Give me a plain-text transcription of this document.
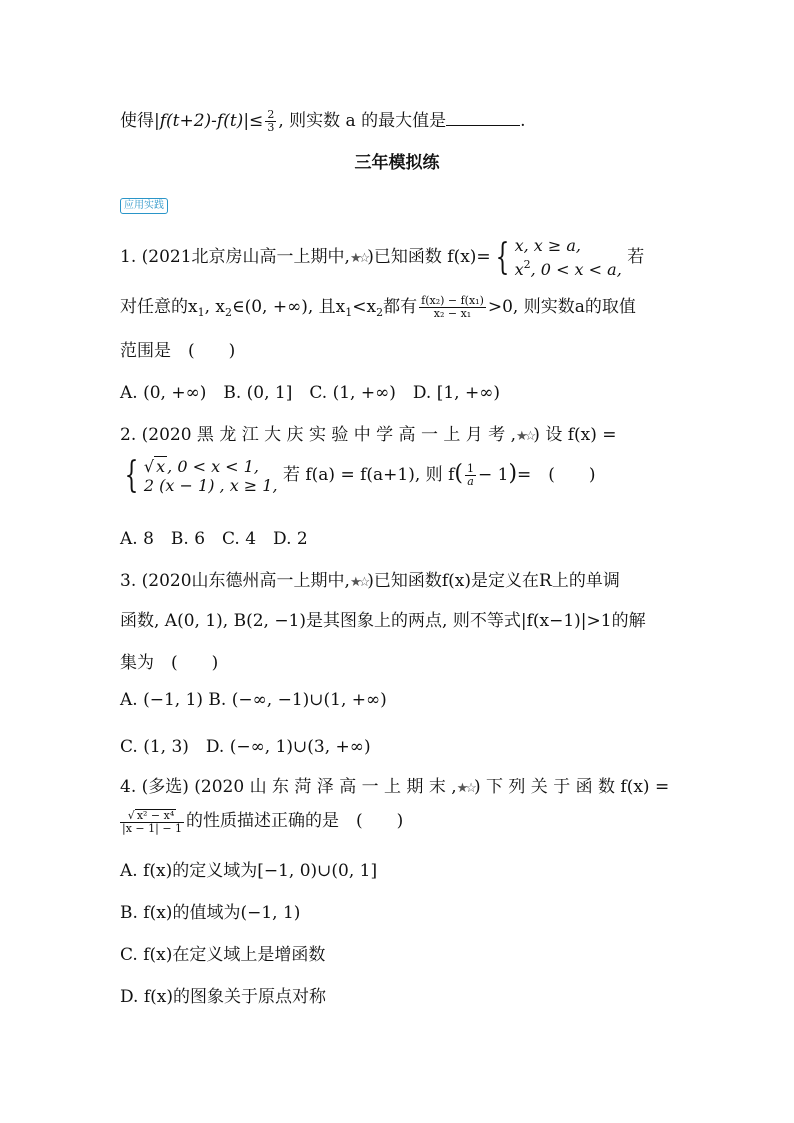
使得$|f(t+2)-f(t)|\le \frac{2}{3}$ , 则实数 a 的最大值是	.
三年模拟练
应用实践
1. (2021北京房山高一上期中,★☆)已知函数 f(x)= { x, x ≥ a,
$x^2$, 0 < x < a,
若
对任意的$x_1$, $x_2\in(0$, +∞), 且$x_1<x_2$都有 $\frac{\text{f(x₂) − f(x₁)}}{\text{x₂ − x₁}} >0$, 则实数a的取值
范围是　(　　)
A. (0, +∞)　B. (0, 1]　C. (1, +∞)　D. [1, +∞)
2. (2020 黑 龙 江 大 庆 实 验 中 学 高 一 上 月 考 ,★☆) 设 f(x) =
{ √ x , 0 < x < 1,
2 (x − 1) , x ≥ 1,
若 f(a) = f(a+1), 则 $f( \frac{1}{a} - 1)=$　(　　)
A. 8　B. 6　C. 4　D. 2
3. (2020山东德州高一上期中,★☆)已知函数f(x)是定义在R上的单调
函数, A(0, 1), B(2, −1)是其图象上的两点, 则不等式|f(x−1)|>1的解
集为　(　　)
A. (−1, 1) B. (−∞, −1)∪(1, +∞)
C. (1, 3)　D. (−∞, 1)∪(3, +∞)
4. (多选) (2020 山 东 菏 泽 高 一 上 期 末 ,★☆) 下 列 关 于 函 数 f(x) =
$\frac{\text{√ x² − x⁴}}{|x - 1| - 1}$ 的性质描述正确的是　(　　)
A. f(x)的定义域为[−1, 0)∪(0, 1]
B. f(x)的值域为(−1, 1)
C. f(x)在定义域上是增函数
D. f(x)的图象关于原点对称
